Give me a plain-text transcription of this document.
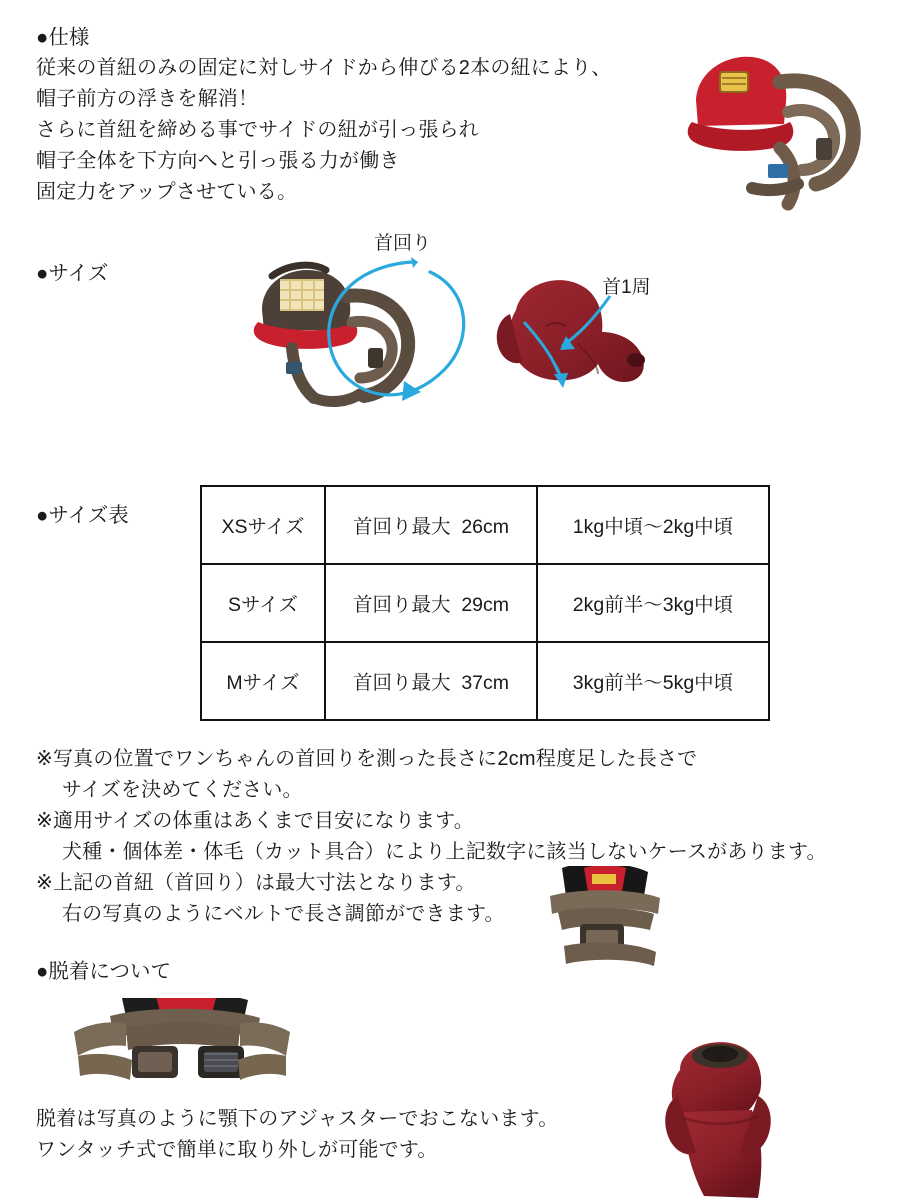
●仕様
従来の首紐のみの固定に対しサイドから伸びる2本の紐により、
帽子前方の浮きを解消！
さらに首紐を締める事でサイドの紐が引っ張られ
帽子全体を下方向へと引っ張る力が働き
固定力をアップさせている。
●サイズ
首回り
首1周
●サイズ表	XSサイズ	首回り最大  26cm	1kg中頃〜2kg中頃
Sサイズ	首回り最大  29cm	2kg前半〜3kg中頃
Mサイズ	首回り最大  37cm	3kg前半〜5kg中頃
※写真の位置でワンちゃんの首回りを測った長さに2cm程度足した長さで
　 サイズを決めてください。
※適用サイズの体重はあくまで目安になります。
　 犬種・個体差・体毛（カット具合）により上記数字に該当しないケースがあります。
※上記の首紐（首回り）は最大寸法となります。
　 右の写真のようにベルトで長さ調節ができます。
●脱着について
脱着は写真のように顎下のアジャスターでおこないます。
ワンタッチ式で簡単に取り外しが可能です。
